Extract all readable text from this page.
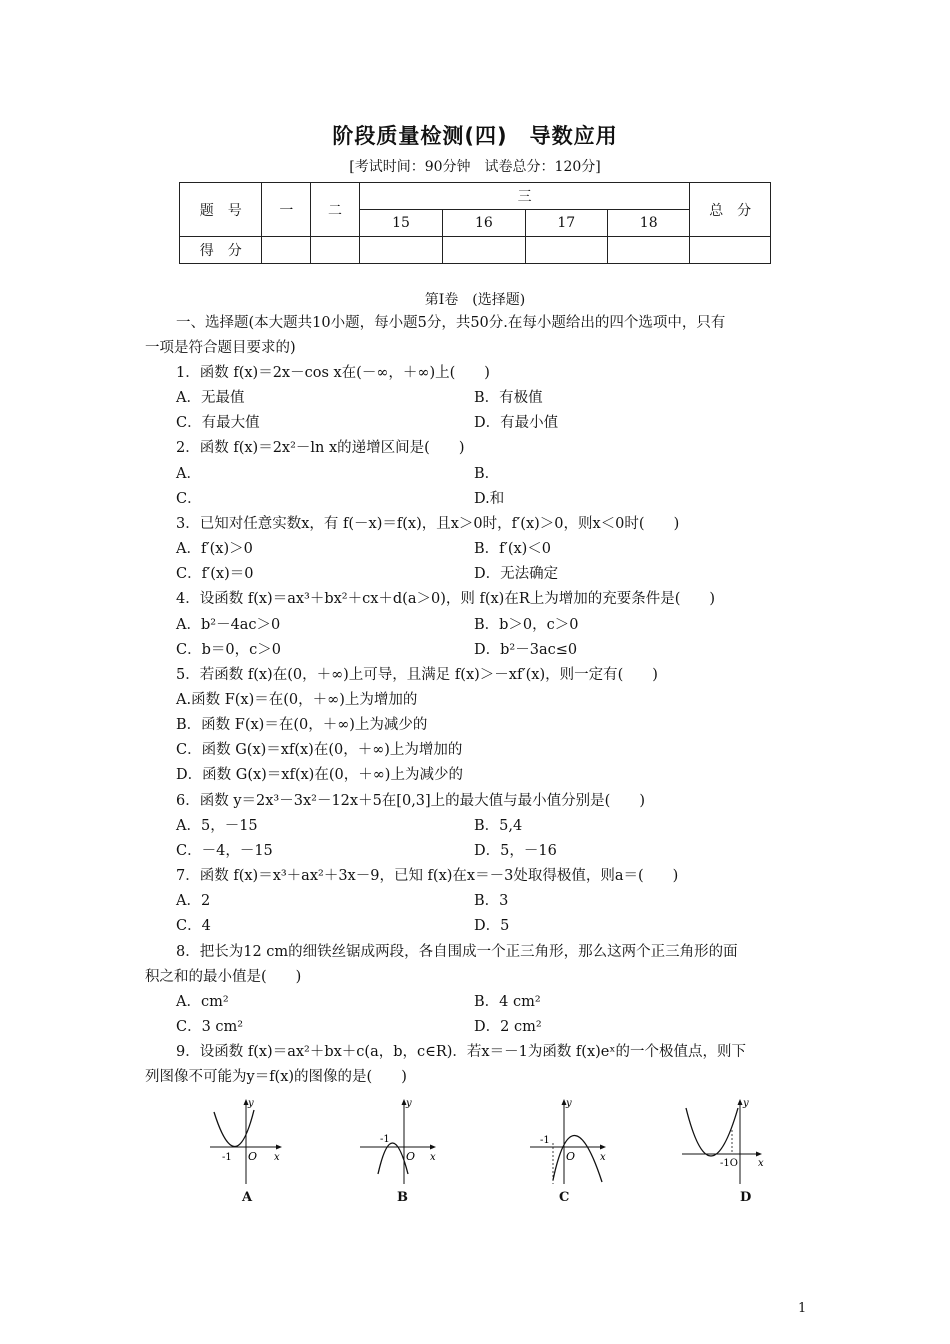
阶段质量检测(四)　导数应用
[考试时间：90分钟　试卷总分：120分]
题　号	一	二	三				总　分
			15	16	17	18	
得　分							
第Ⅰ卷　(选择题)
一、选择题(本大题共10小题，每小题5分，共50分.在每小题给出的四个选项中，只有
一项是符合题目要求的)
1．函数 f(x)＝2x－cos x在(－∞，＋∞)上(　　)
A．无最值	B．有极值
C．有最大值	D．有最小值
2．函数 f(x)＝2x²－ln x的递增区间是(　　)
A．	B．
C．	D.和
3．已知对任意实数x，有 f(－x)＝f(x)，且x＞0时，f′(x)＞0，则x＜0时(　　)
A．f′(x)＞0	B．f′(x)＜0
C．f′(x)＝0	D．无法确定
4．设函数 f(x)＝ax³＋bx²＋cx＋d(a＞0)，则 f(x)在R上为增加的充要条件是(　　)
A．b²－4ac＞0	B．b＞0，c＞0
C．b＝0，c＞0	D．b²－3ac≤0
5．若函数 f(x)在(0，＋∞)上可导，且满足 f(x)＞－xf′(x)，则一定有(　　)
A.函数 F(x)＝在(0，＋∞)上为增加的
B．函数 F(x)＝在(0，＋∞)上为减少的
C．函数 G(x)＝xf(x)在(0，＋∞)上为增加的
D．函数 G(x)＝xf(x)在(0，＋∞)上为减少的
6．函数 y＝2x³－3x²－12x＋5在[0,3]上的最大值与最小值分别是(　　)
A．5，－15	B．5,4
C．－4，－15	D．5，－16
7．函数 f(x)＝x³＋ax²＋3x－9，已知 f(x)在x＝－3处取得极值，则a＝(　　)
A．2	B．3
C．4	D．5
8．把长为12 cm的细铁丝锯成两段，各自围成一个正三角形，那么这两个正三角形的面
积之和的最小值是(　　)
A．cm²	B．4 cm²
C．3 cm²	D．2 cm²
9．设函数 f(x)＝ax²＋bx＋c(a，b，c∈R)．若x＝－1为函数 f(x)eˣ的一个极值点，则下
列图像不可能为y＝f(x)的图像的是(　　)
y
x
O
-1
y
x
O
-1
y
x
O
-1
y
x
-1O
A	B	C	D
1
